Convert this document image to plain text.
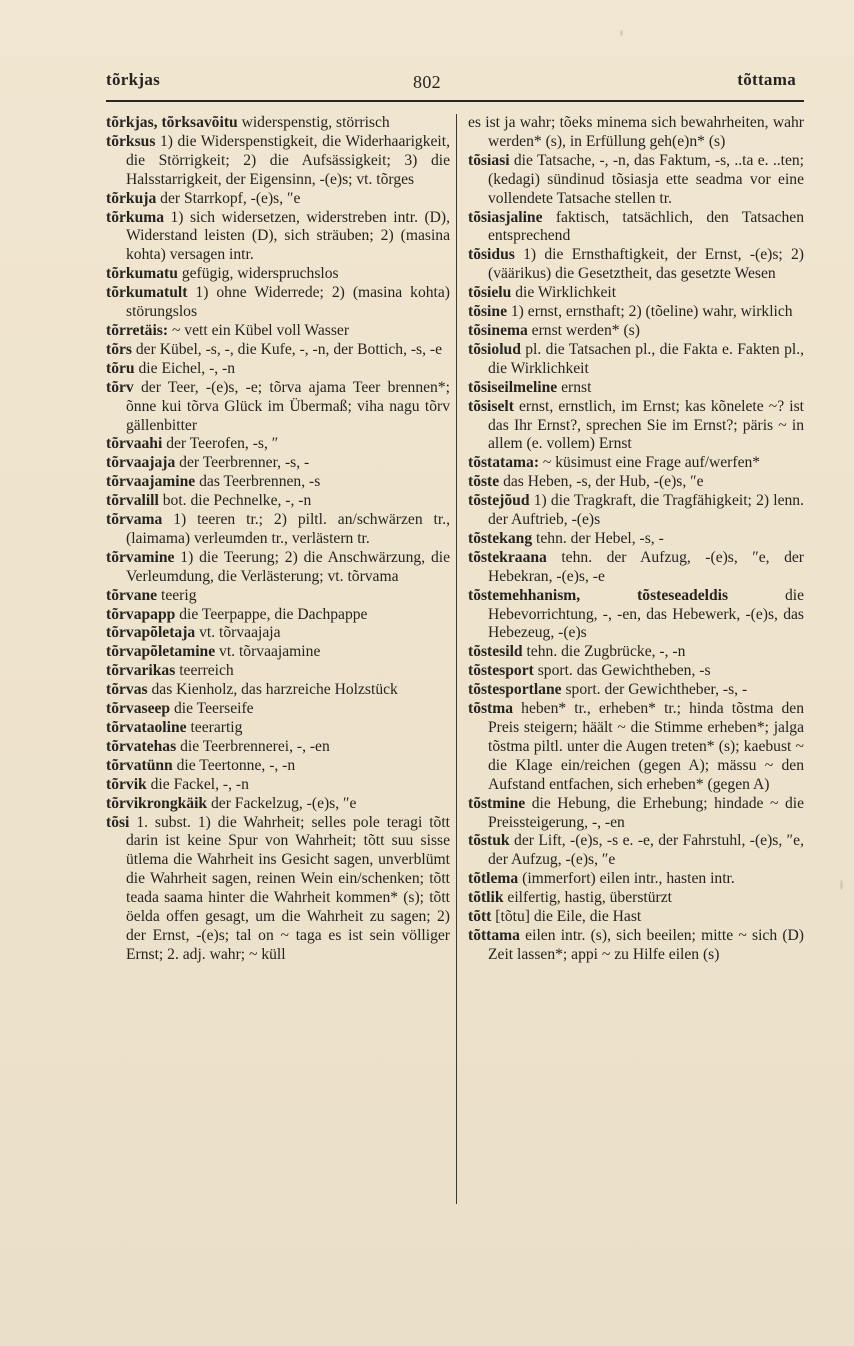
tõrkjas	802	tõttama
tõrkjas, tõrksavõitu widerspenstig, störrisch
tõrksus 1) die Widerspenstigkeit, die Widerhaarigkeit, die Störrigkeit; 2) die Aufsässigkeit; 3) die Halsstarrigkeit, der Eigensinn, -(e)s; vt. tõrges
tõrkuja der Starrkopf, -(e)s, ″e
tõrkuma 1) sich widersetzen, widerstreben intr. (D), Widerstand leisten (D), sich sträuben; 2) (masina kohta) versagen intr.
tõrkumatu gefügig, widerspruchslos
tõrkumatult 1) ohne Widerrede; 2) (masina kohta) störungslos
tõrretäis: ~ vett ein Kübel voll Wasser
tõrs der Kübel, -s, -, die Kufe, -, -n, der Bottich, -s, -e
tõru die Eichel, -, -n
tõrv der Teer, -(e)s, -e; tõrva ajama Teer brennen*; õnne kui tõrva Glück im Übermaß; viha nagu tõrv gällenbitter
tõrvaahi der Teerofen, -s, ″
tõrvaajaja der Teerbrenner, -s, -
tõrvaajamine das Teerbrennen, -s
tõrvalill bot. die Pechnelke, -, -n
tõrvama 1) teeren tr.; 2) piltl. an/schwärzen tr., (laimama) verleumden tr., verlästern tr.
tõrvamine 1) die Teerung; 2) die Anschwärzung, die Verleumdung, die Verlästerung; vt. tõrvama
tõrvane teerig
tõrvapapp die Teerpappe, die Dachpappe
tõrvapõletaja vt. tõrvaajaja
tõrvapõletamine vt. tõrvaajamine
tõrvarikas teerreich
tõrvas das Kienholz, das harzreiche Holzstück
tõrvaseep die Teerseife
tõrvataoline teerartig
tõrvatehas die Teerbrennerei, -, -en
tõrvatünn die Teertonne, -, -n
tõrvik die Fackel, -, -n
tõrvikrongkäik der Fackelzug, -(e)s, ″e
tõsi 1. subst. 1) die Wahrheit; selles pole teragi tõtt darin ist keine Spur von Wahrheit; tõtt suu sisse ütlema die Wahrheit ins Gesicht sagen, unverblümt die Wahrheit sagen, reinen Wein ein/schenken; tõtt teada saama hinter die Wahrheit kommen* (s); tõtt öelda offen gesagt, um die Wahrheit zu sagen; 2) der Ernst, -(e)s; tal on ~ taga es ist sein völliger Ernst; 2. adj. wahr; ~ küll
es ist ja wahr; tõeks minema sich bewahrheiten, wahr werden* (s), in Erfüllung geh(e)n* (s)
tõsiasi die Tatsache, -, -n, das Faktum, -s, ..ta e. ..ten; (kedagi) sündinud tõsiasja ette seadma vor eine vollendete Tatsache stellen tr.
tõsiasjaline faktisch, tatsächlich, den Tatsachen entsprechend
tõsidus 1) die Ernsthaftigkeit, der Ernst, -(e)s; 2) (väärikus) die Gesetztheit, das gesetzte Wesen
tõsielu die Wirklichkeit
tõsine 1) ernst, ernsthaft; 2) (tõeline) wahr, wirklich
tõsinema ernst werden* (s)
tõsiolud pl. die Tatsachen pl., die Fakta e. Fakten pl., die Wirklichkeit
tõsiseilmeline ernst
tõsiselt ernst, ernstlich, im Ernst; kas kõnelete ~? ist das Ihr Ernst?, sprechen Sie im Ernst?; päris ~ in allem (e. vollem) Ernst
tõstatama: ~ küsimust eine Frage auf/werfen*
tõste das Heben, -s, der Hub, -(e)s, ″e
tõstejõud 1) die Tragkraft, die Tragfähigkeit; 2) lenn. der Auftrieb, -(e)s
tõstekang tehn. der Hebel, -s, -
tõstekraana tehn. der Aufzug, -(e)s, ″e, der Hebekran, -(e)s, -e
tõstemehhanism, tõsteseadeldis die Hebevorrichtung, -, -en, das Hebewerk, -(e)s, das Hebezeug, -(e)s
tõstesild tehn. die Zugbrücke, -, -n
tõstesport sport. das Gewichtheben, -s
tõstesportlane sport. der Gewichtheber, -s, -
tõstma heben* tr., erheben* tr.; hinda tõstma den Preis steigern; häält ~ die Stimme erheben*; jalga tõstma piltl. unter die Augen treten* (s); kaebust ~ die Klage ein/reichen (gegen A); mässu ~ den Aufstand entfachen, sich erheben* (gegen A)
tõstmine die Hebung, die Erhebung; hindade ~ die Preissteigerung, -, -en
tõstuk der Lift, -(e)s, -s e. -e, der Fahrstuhl, -(e)s, ″e, der Aufzug, -(e)s, ″e
tõtlema (immerfort) eilen intr., hasten intr.
tõtlik eilfertig, hastig, überstürzt
tõtt [tõtu] die Eile, die Hast
tõttama eilen intr. (s), sich beeilen; mitte ~ sich (D) Zeit lassen*; appi ~ zu Hilfe eilen (s)
